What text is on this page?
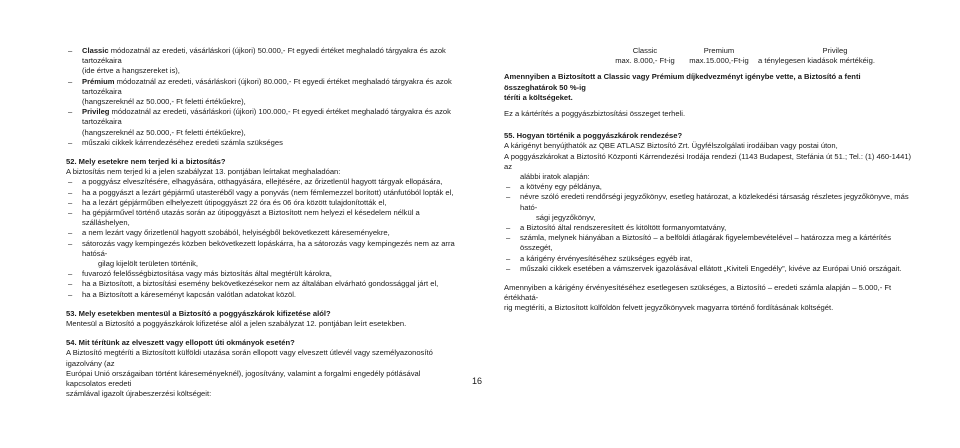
– Classic módozatnál az eredeti, vásárláskori (újkori) 50.000,- Ft egyedi értéket meghaladó tárgyakra és azok tartozékaira
(ide értve a hangszereket is),
– Prémium módozatnál az eredeti, vásárláskori (újkori) 80.000,- Ft egyedi értéket meghaladó tárgyakra és azok tartozékaira
(hangszereknél az 50.000,- Ft feletti értékűekre),
– Privileg módozatnál az eredeti, vásárláskori (újkori) 100.000,- Ft egyedi értéket meghaladó tárgyakra és azok tartozékaira
(hangszereknél az 50.000,- Ft feletti értékűekre),
– műszaki cikkek kárrendezéséhez eredeti számla szükséges
52. Mely esetekre nem terjed ki a biztosítás?
A biztosítás nem terjed ki a jelen szabályzat 13. pontjában leírtakat meghaladóan:
– a poggyász elveszítésére, elhagyására, otthagyására, ellejtésére, az őrizetlenül hagyott tárgyak ellopására,
– ha a poggyászt a lezárt gépjármű utasteréből vagy a ponyvás (nem fémlemezzel borított) utánfutóból lopták el,
– ha a lezárt gépjárműben elhelyezett útipoggyászt 22 óra és 06 óra között tulajdonították el,
– ha gépjárművel történő utazás során az útipoggyászt a Biztosított nem helyezi el késedelem nélkül a szálláshelyen,
– a nem lezárt vagy őrizetlenül hagyott szobából, helyiségből bekövetkezett káreseményekre,
– sátorozás vagy kempingezés közben bekövetkezett lopáskárra, ha a sátorozás vagy kempingezés nem az arra hatósá-
gilag kijelölt területen történik,
– fuvarozó felelősségbiztosítása vagy más biztosítás által megtérült károkra,
– ha a Biztosított, a biztosítási esemény bekövetkezésekor nem az általában elvárható gondossággal járt el,
– ha a Biztosított a káreseményt kapcsán valótlan adatokat közöl.
53. Mely esetekben mentesül a Biztosító a poggyászkárok kifizetése alól?
Mentesül a Biztosító a poggyászkárok kifizetése alól a jelen szabályzat 12. pontjában leírt esetekben.
54. Mit térítünk az elveszett vagy ellopott úti okmányok esetén?
A Biztosító megtéríti a Biztosított külföldi utazása során ellopott vagy elveszett útlevél vagy személyazonosító igazolvány (az
Európai Unió országaiban történt káreseményeknél), jogosítvány, valamint a forgalmi engedély pótlásával kapcsolatos eredeti
számlával igazolt újrabeszerzési költségeit:
Classic	Premium	Privileg
max. 8.000,- Ft-ig	max.15.000,-Ft-ig	a ténylegesen kiadások mértékéig.
Amennyiben a Biztosított a Classic vagy Prémium díjkedvezményt igénybe vette, a Biztosító a fenti összeghatárok 50 %-ig
téríti a költségeket.
Ez a kártérítés a poggyászbiztosítási összeget terheli.
55. Hogyan történik a poggyászkárok rendezése?
A kárigényt benyújthatók az QBE ATLASZ Biztosító Zrt. Ügyfélszolgálati irodáiban vagy postai úton,
A poggyászkárokat a Biztosító Központi Kárrendezési Irodája rendezi (1143 Budapest, Stefánia út 51.; Tel.: (1) 460-1441) az
alábbi iratok alapján:
– a kötvény egy példánya,
– névre szóló eredeti rendőrségi jegyzőkönyv, esetleg határozat, a közlekedési társaság részletes jegyzőkönyve, más ható-
sági jegyzőkönyv,
– a Biztosító által rendszeresített és kitöltött formanyomtatvány,
– számla, melynek hiányában a Biztosító – a belföldi átlagárak figyelembevételével – határozza meg a kártérítés összegét,
– a kárigény érvényesítéséhez szükséges egyéb irat,
– műszaki cikkek esetében a vámszervek igazolásával ellátott „Kiviteli Engedély”, kivéve az Európai Unió országait.
Amennyiben a kárigény érvényesítéséhez esetlegesen szükséges, a Biztosító – eredeti számla alapján – 5.000,- Ft értékhatá-
rig megtéríti, a Biztosított külföldön felvett jegyzőkönyvek magyarra történő fordításának költségét.
16
